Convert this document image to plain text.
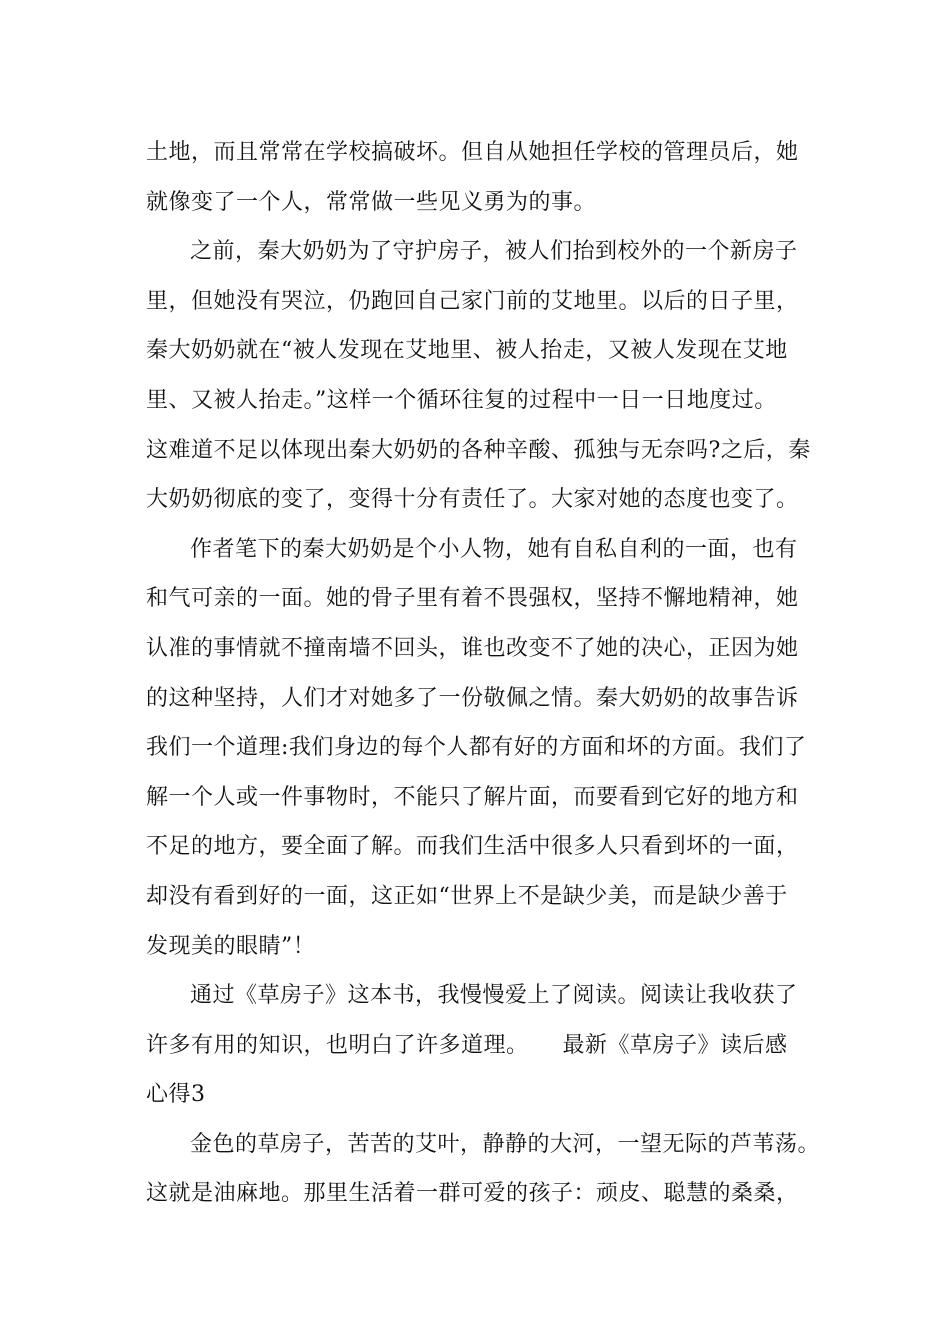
土地，而且常常在学校搞破坏。但自从她担任学校的管理员后，她
就像变了一个人，常常做一些见义勇为的事。
之前，秦大奶奶为了守护房子，被人们抬到校外的一个新房子
里，但她没有哭泣，仍跑回自己家门前的艾地里。以后的日子里，
秦大奶奶就在“被人发现在艾地里、被人抬走，又被人发现在艾地
里、又被人抬走。”这样一个循环往复的过程中一日一日地度过。
这难道不足以体现出秦大奶奶的各种辛酸、孤独与无奈吗?之后，秦
大奶奶彻底的变了，变得十分有责任了。大家对她的态度也变了。
作者笔下的秦大奶奶是个小人物，她有自私自利的一面，也有
和气可亲的一面。她的骨子里有着不畏强权，坚持不懈地精神，她
认准的事情就不撞南墙不回头，谁也改变不了她的决心，正因为她
的这种坚持，人们才对她多了一份敬佩之情。秦大奶奶的故事告诉
我们一个道理:我们身边的每个人都有好的方面和坏的方面。我们了
解一个人或一件事物时，不能只了解片面，而要看到它好的地方和
不足的地方，要全面了解。而我们生活中很多人只看到坏的一面，
却没有看到好的一面，这正如“世界上不是缺少美，而是缺少善于
发现美的眼睛”！
通过《草房子》这本书，我慢慢爱上了阅读。阅读让我收获了
许多有用的知识，也明白了许多道理。　　最新《草房子》读后感
心得3
金色的草房子，苦苦的艾叶，静静的大河，一望无际的芦苇荡。
这就是油麻地。那里生活着一群可爱的孩子：顽皮、聪慧的桑桑，
